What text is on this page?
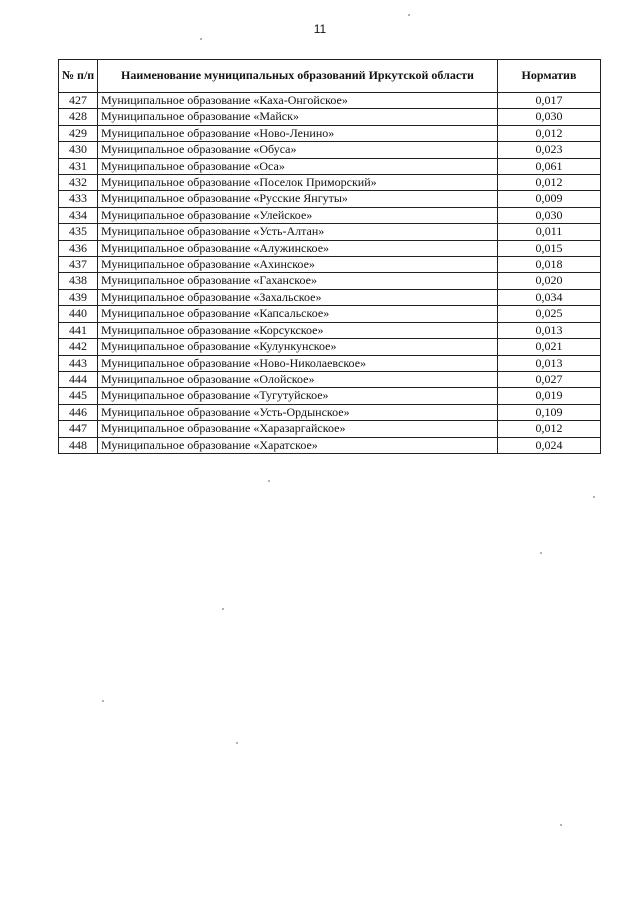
11
№ п/п	Наименование муниципальных образований Иркутской области	Норматив
427	Муниципальное образование «Каха-Онгойское»	0,017
428	Муниципальное образование «Майск»	0,030
429	Муниципальное образование «Ново-Ленино»	0,012
430	Муниципальное образование «Обуса»	0,023
431	Муниципальное образование «Оса»	0,061
432	Муниципальное образование «Поселок Приморский»	0,012
433	Муниципальное образование «Русские Янгуты»	0,009
434	Муниципальное образование «Улейское»	0,030
435	Муниципальное образование «Усть-Алтан»	0,011
436	Муниципальное образование «Алужинское»	0,015
437	Муниципальное образование «Ахинское»	0,018
438	Муниципальное образование «Гаханское»	0,020
439	Муниципальное образование «Захальское»	0,034
440	Муниципальное образование «Капсальское»	0,025
441	Муниципальное образование «Корсукское»	0,013
442	Муниципальное образование «Кулункунское»	0,021
443	Муниципальное образование «Ново-Николаевское»	0,013
444	Муниципальное образование «Олойское»	0,027
445	Муниципальное образование «Тугутуйское»	0,019
446	Муниципальное образование «Усть-Ордынское»	0,109
447	Муниципальное образование «Харазаргайское»	0,012
448	Муниципальное образование «Харатское»	0,024
